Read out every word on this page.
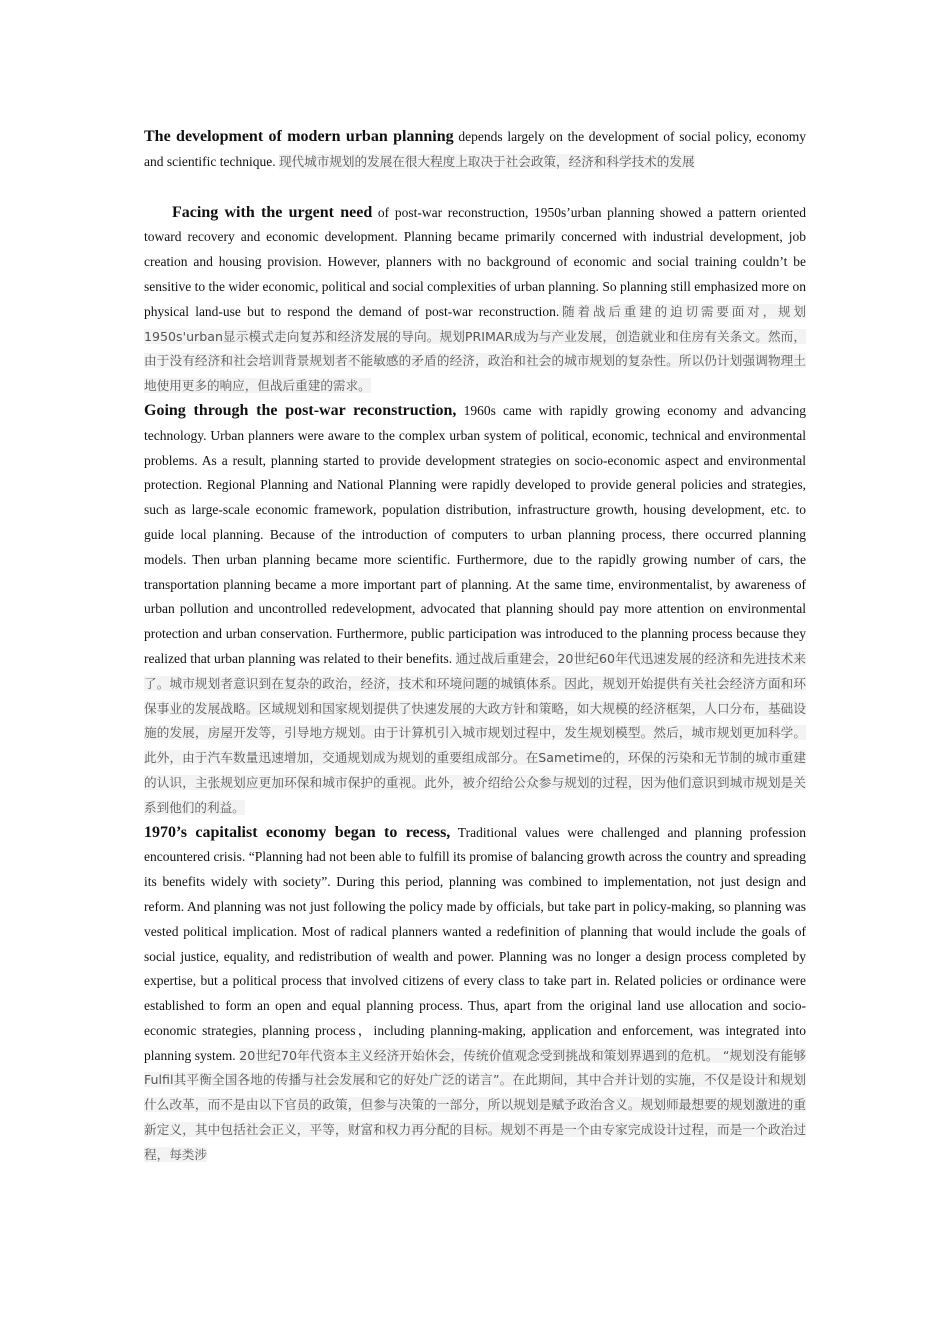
The development of modern urban planning depends largely on the development of social policy, economy and scientific technique. 现代城市规划的发展在很大程度上取决于社会政策，经济和科学技术的发展

Facing with the urgent need of post-war reconstruction, 1950s’urban planning showed a pattern oriented toward recovery and economic development. Planning became primarily concerned with industrial development, job creation and housing provision. However, planners with no background of economic and social training couldn’t be sensitive to the wider economic, political and social complexities of urban planning. So planning still emphasized more on physical land-use but to respond the demand of post-war reconstruction.随着战后重建的迫切需要面对，规划1950s'urban显示模式走向复苏和经济发展的导向。规划PRIMAR成为与产业发展，创造就业和住房有关条文。然而，由于没有经济和社会培训背景规划者不能敏感的矛盾的经济，政治和社会的城市规划的复杂性。所以仍计划强调物理土地使用更多的响应，但战后重建的需求。

Going through the post-war reconstruction, 1960s came with rapidly growing economy and advancing technology. Urban planners were aware to the complex urban system of political, economic, technical and environmental problems. As a result, planning started to provide development strategies on socio-economic aspect and environmental protection. Regional Planning and National Planning were rapidly developed to provide general policies and strategies, such as large-scale economic framework, population distribution, infrastructure growth, housing development, etc. to guide local planning. Because of the introduction of computers to urban planning process, there occurred planning models. Then urban planning became more scientific. Furthermore, due to the rapidly growing number of cars, the transportation planning became a more important part of planning. At the same time, environmentalist, by awareness of urban pollution and uncontrolled redevelopment, advocated that planning should pay more attention on environmental protection and urban conservation. Furthermore, public participation was introduced to the planning process because they realized that urban planning was related to their benefits. 通过战后重建会，20世纪60年代迅速发展的经济和先进技术来了。城市规划者意识到在复杂的政治，经济，技术和环境问题的城镇体系。因此，规划开始提供有关社会经济方面和环保事业的发展战略。区域规划和国家规划提供了快速发展的大政方针和策略，如大规模的经济框架，人口分布，基础设施的发展，房屋开发等，引导地方规划。由于计算机引入城市规划过程中，发生规划模型。然后，城市规划更加科学。此外，由于汽车数量迅速增加，交通规划成为规划的重要组成部分。在Sametime的，环保的污染和无节制的城市重建的认识，主张规划应更加环保和城市保护的重视。此外，被介绍给公众参与规划的过程，因为他们意识到城市规划是关系到他们的利益。

1970’s capitalist economy began to recess, Traditional values were challenged and planning profession encountered crisis. “Planning had not been able to fulfill its promise of balancing growth across the country and spreading its benefits widely with society”. During this period, planning was combined to implementation, not just design and reform. And planning was not just following the policy made by officials, but take part in policy-making, so planning was vested political implication. Most of radical planners wanted a redefinition of planning that would include the goals of social justice, equality, and redistribution of wealth and power. Planning was no longer a design process completed by expertise, but a political process that involved citizens of every class to take part in. Related policies or ordinance were established to form an open and equal planning process. Thus, apart from the original land use allocation and socio-economic strategies, planning process，including planning-making, application and enforcement, was integrated into planning system. 20世纪70年代资本主义经济开始休会，传统价值观念受到挑战和策划界遇到的危机。 “规划没有能够Fulfil其平衡全国各地的传播与社会发展和它的好处广泛的诺言”。在此期间，其中合并计划的实施，不仅是设计和规划什么改革，而不是由以下官员的政策，但参与决策的一部分，所以规划是赋予政治含义。规划师最想要的规划激进的重新定义，其中包括社会正义，平等，财富和权力再分配的目标。规划不再是一个由专家完成设计过程，而是一个政治过程，每类涉
